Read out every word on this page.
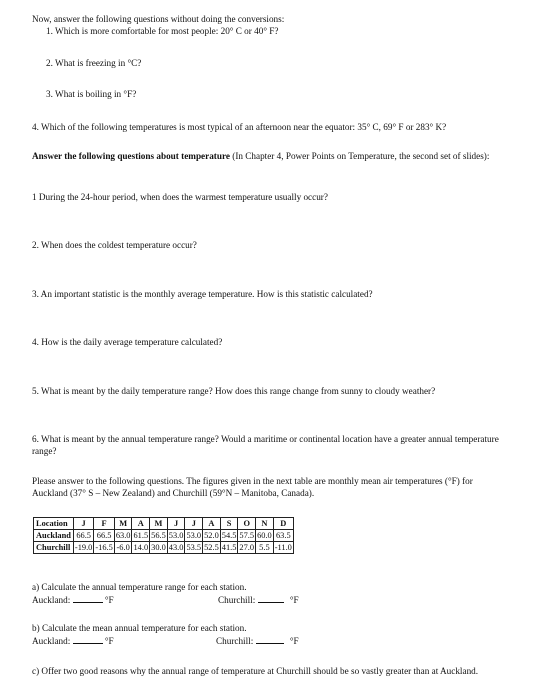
Now, answer the following questions without doing the conversions:
1. Which is more comfortable for most people: 20° C or 40° F?
2. What is freezing in °C?
3. What is boiling in °F?
4. Which of the following temperatures is most typical of an afternoon near the equator: 35° C, 69° F or 283° K?
Answer the following questions about temperature (In Chapter 4, Power Points on Temperature, the second set of slides):
1 During the 24-hour period, when does the warmest temperature usually occur?
2. When does the coldest temperature occur?
3. An important statistic is the monthly average temperature. How is this statistic calculated?
4. How is the daily average temperature calculated?
5. What is meant by the daily temperature range? How does this range change from sunny to cloudy weather?
6. What is meant by the annual temperature range? Would a maritime or continental location have a greater annual temperature range?
Please answer to the following questions. The figures given in the next table are monthly mean air temperatures (°F) for Auckland (37° S – New Zealand) and Churchill (59°N – Manitoba, Canada).
Location	J	F	M	A	M	J	J	A	S	O	N	D
Auckland	66.5	66.5	63.0	61.5	56.5	53.0	53.0	52.0	54.5	57.5	60.0	63.5
Churchill	-19.0	-16.5	-6.0	14.0	30.0	43.0	53.5	52.5	41.5	27.0	5.5	-11.0
a) Calculate the annual temperature range for each station.
Auckland:	°F	Churchill:	°F
b) Calculate the mean annual temperature for each station.
Auckland:	°F	Churchill:	°F
c) Offer two good reasons why the annual range of temperature at Churchill should be so vastly greater than at Auckland.
